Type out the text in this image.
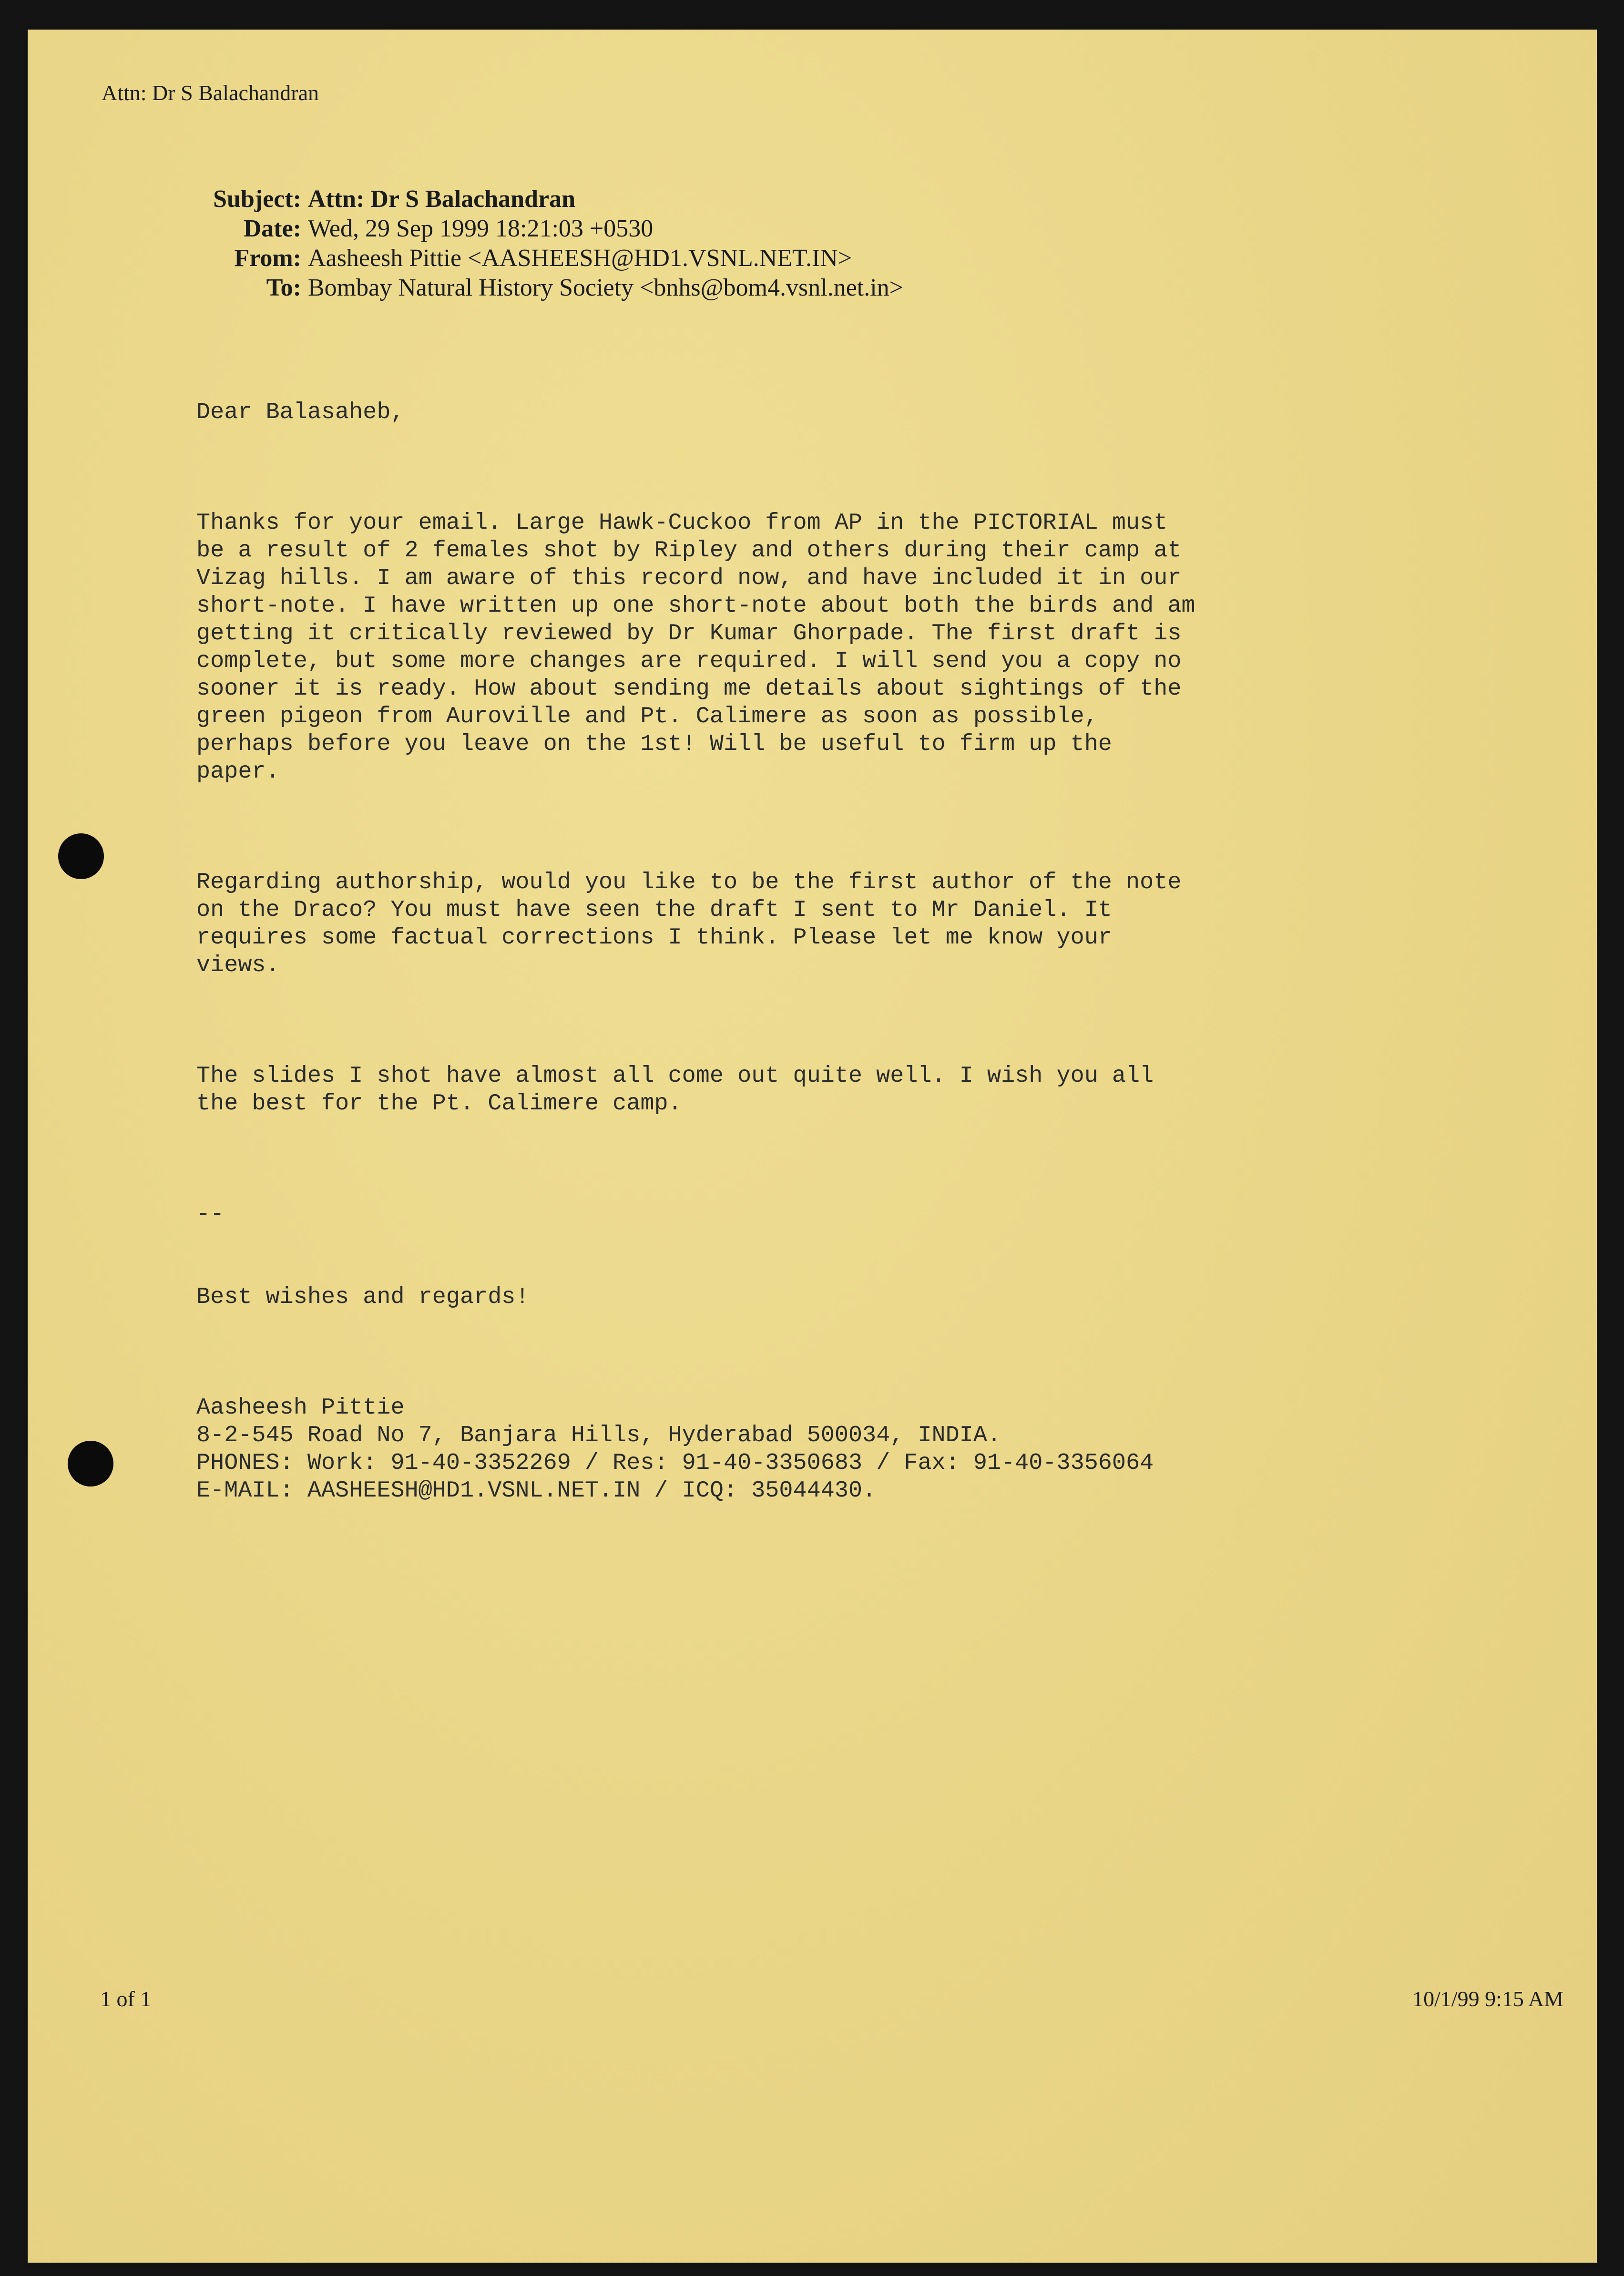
Attn: Dr S Balachandran
Subject: Attn: Dr S Balachandran
Date: Wed, 29 Sep 1999 18:21:03 +0530
From: Aasheesh Pittie <AASHEESH@HD1.VSNL.NET.IN>
To: Bombay Natural History Society <bnhs@bom4.vsnl.net.in>

Dear Balasaheb,

Thanks for your email. Large Hawk-Cuckoo from AP in the PICTORIAL must
be a result of 2 females shot by Ripley and others during their camp at
Vizag hills. I am aware of this record now, and have included it in our
short-note. I have written up one short-note about both the birds and am
getting it critically reviewed by Dr Kumar Ghorpade. The first draft is
complete, but some more changes are required. I will send you a copy no
sooner it is ready. How about sending me details about sightings of the
green pigeon from Auroville and Pt. Calimere as soon as possible,
perhaps before you leave on the 1st! Will be useful to firm up the
paper.

Regarding authorship, would you like to be the first author of the note
on the Draco? You must have seen the draft I sent to Mr Daniel. It
requires some factual corrections I think. Please let me know your
views.

The slides I shot have almost all come out quite well. I wish you all
the best for the Pt. Calimere camp.

--

Best wishes and regards!

Aasheesh Pittie
8-2-545 Road No 7, Banjara Hills, Hyderabad 500034, INDIA.
PHONES: Work: 91-40-3352269 / Res: 91-40-3350683 / Fax: 91-40-3356064
E-MAIL: AASHEESH@HD1.VSNL.NET.IN / ICQ: 35044430.

1 of 1	10/1/99 9:15 AM
